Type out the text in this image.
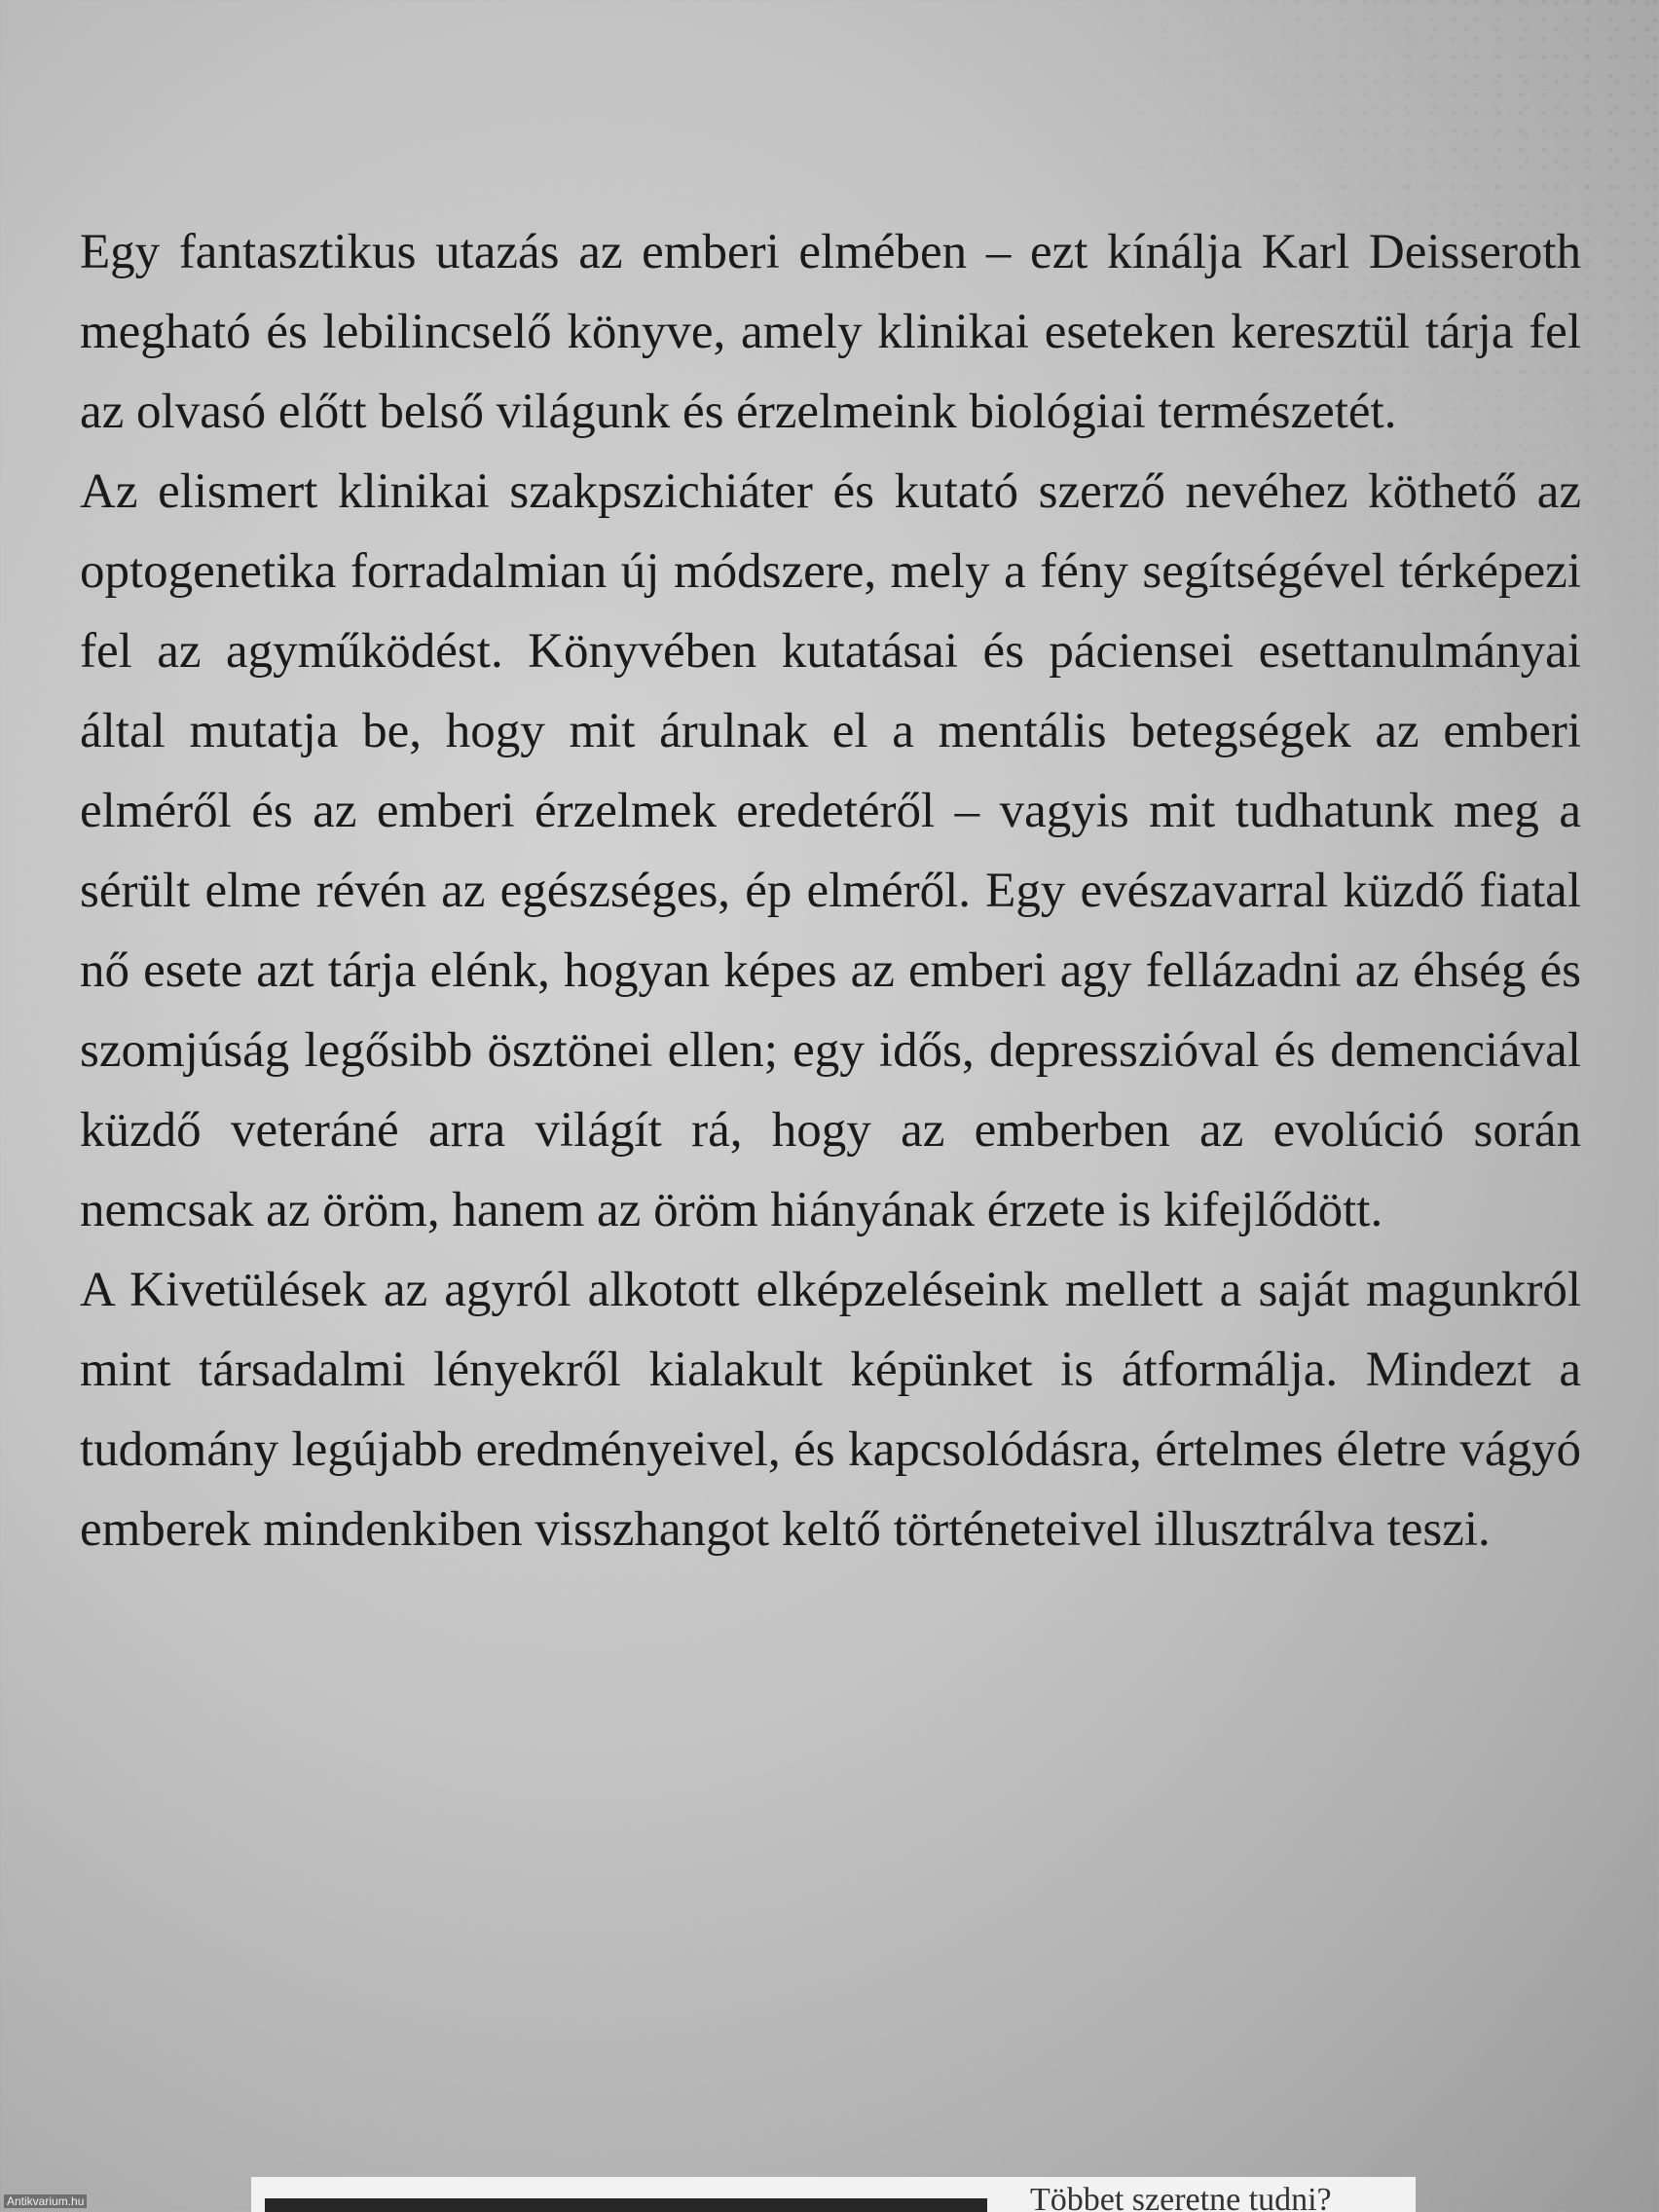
Egy fantasztikus utazás az emberi elmében – ezt kínálja Karl Deisseroth megható és lebilincselő könyve, amely klinikai eseteken keresztül tárja fel az olvasó előtt belső világunk és érzelmeink biológiai természetét.

Az elismert klinikai szakpszichiáter és kutató szerző nevéhez köthető az optogenetika forradalmian új módszere, mely a fény segítségével térképezi fel az agyműködést. Könyvében kutatásai és páciensei esettanulmányai által mutatja be, hogy mit árulnak el a mentális betegségek az emberi elméről és az emberi érzelmek eredetéről – vagyis mit tudhatunk meg a sérült elme révén az egészséges, ép elméről. Egy evészavarral küzdő fiatal nő esete azt tárja elénk, hogyan képes az emberi agy fellázadni az éhség és szomjúság legősibb ösztönei ellen; egy idős, depresszióval és demenciával küzdő veteráné arra világít rá, hogy az emberben az evolúció során nemcsak az öröm, hanem az öröm hiányának érzete is kifejlődött.

A Kivetülések az agyról alkotott elképzeléseink mellett a saját magunkról mint társadalmi lényekről kialakult képünket is átformálja. Mindezt a tudomány legújabb eredményeivel, és kapcsolódásra, értelmes életre vágyó emberek mindenkiben visszhangot keltő történeteivel illusztrálva teszi.

Többet szeretne tudni?
Antikvarium.hu
